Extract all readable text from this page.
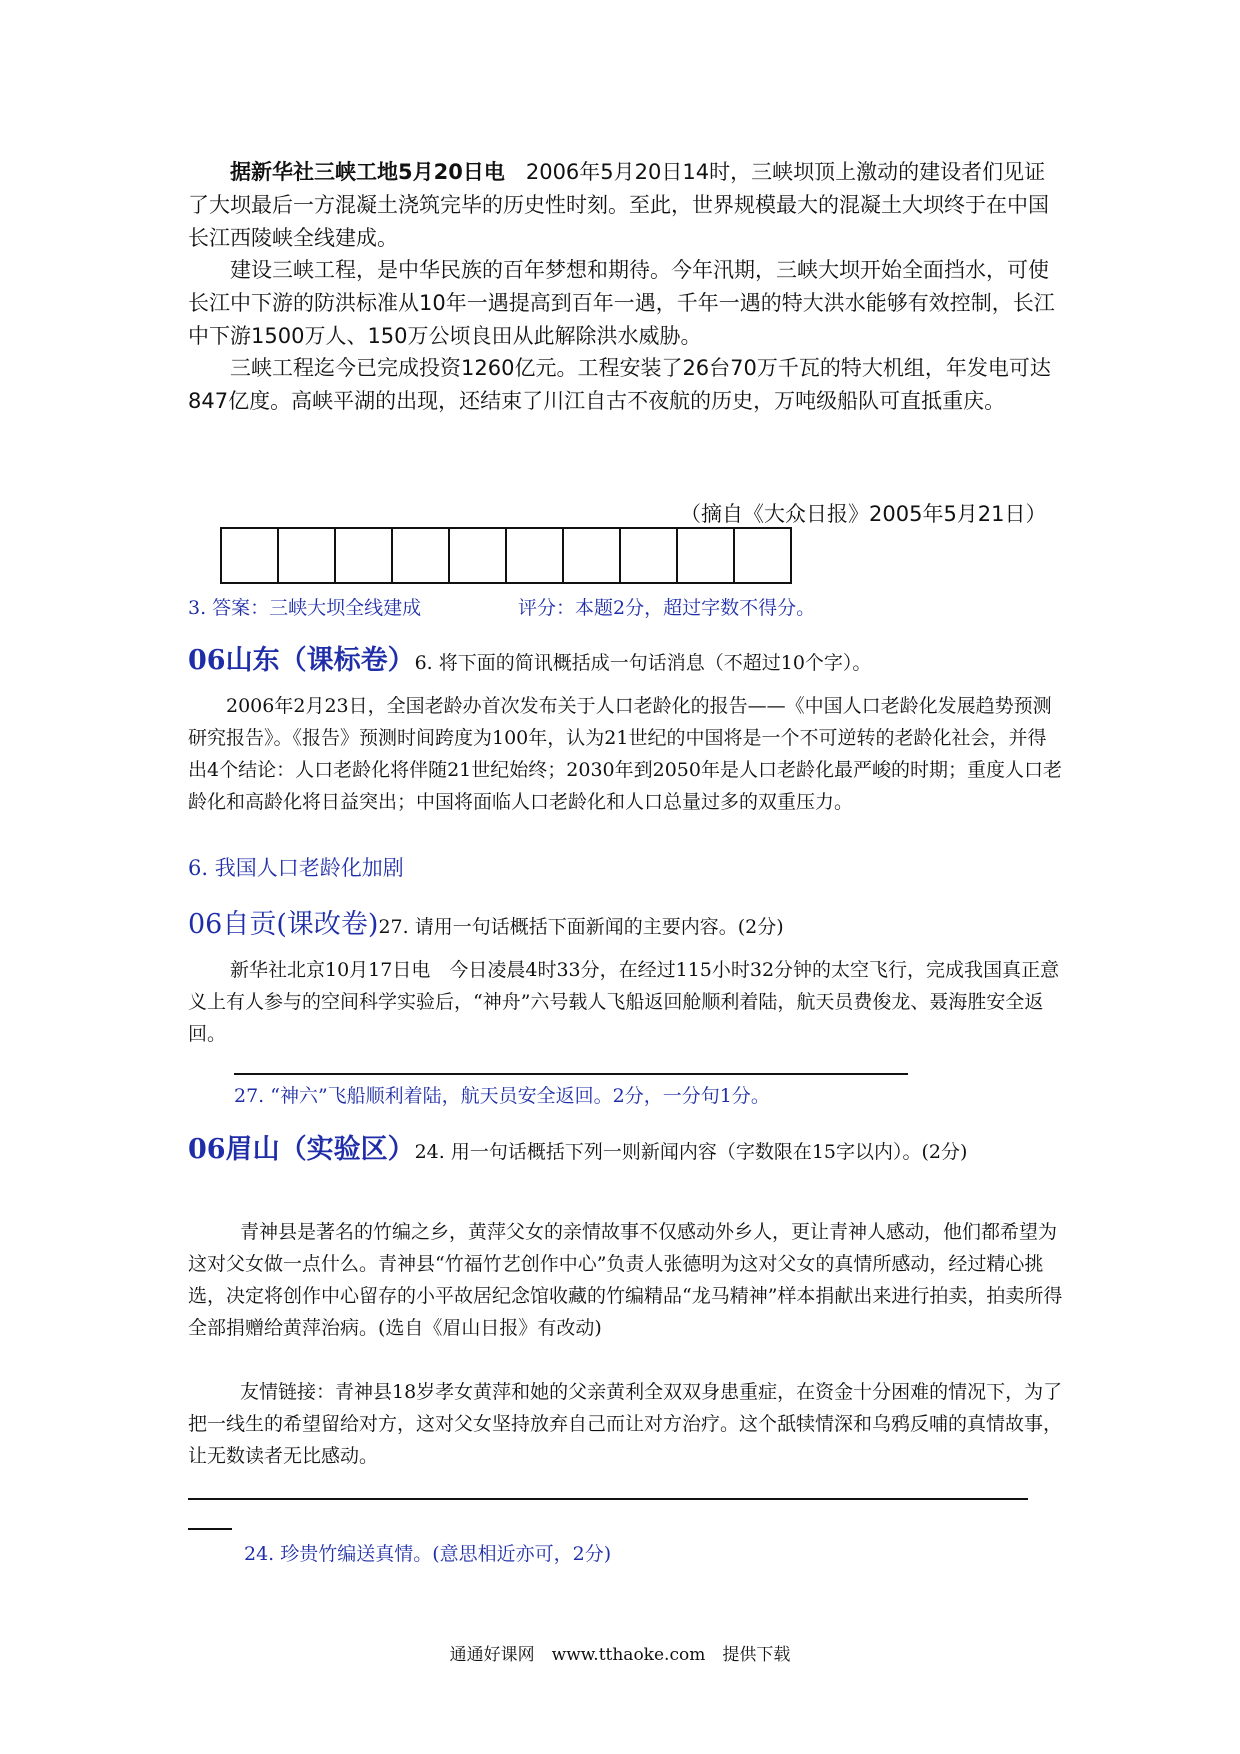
据新华社三峡工地5月20日电　2006年5月20日14时，三峡坝顶上激动的建设者们见证了大坝最后一方混凝土浇筑完毕的历史性时刻。至此，世界规模最大的混凝土大坝终于在中国长江西陵峡全线建成。

建设三峡工程，是中华民族的百年梦想和期待。今年汛期，三峡大坝开始全面挡水，可使长江中下游的防洪标准从10年一遇提高到百年一遇，千年一遇的特大洪水能够有效控制，长江中下游1500万人、150万公顷良田从此解除洪水威胁。

三峡工程迄今已完成投资1260亿元。工程安装了26台70万千瓦的特大机组，年发电可达847亿度。高峡平湖的出现，还结束了川江自古不夜航的历史，万吨级船队可直抵重庆。

（摘自《大众日报》2005年5月21日）
3. 答案：三峡大坝全线建成	评分：本题2分，超过字数不得分。
06山东（课标卷）6. 将下面的简讯概括成一句话消息（不超过10个字）。

2006年2月23日，全国老龄办首次发布关于人口老龄化的报告——《中国人口老龄化发展趋势预测研究报告》。《报告》预测时间跨度为100年，认为21世纪的中国将是一个不可逆转的老龄化社会，并得出4个结论：人口老龄化将伴随21世纪始终；2030年到2050年是人口老龄化最严峻的时期；重度人口老龄化和高龄化将日益突出；中国将面临人口老龄化和人口总量过多的双重压力。

6. 我国人口老龄化加剧
06自贡(课改卷)27. 请用一句话概括下面新闻的主要内容。(2分)

新华社北京10月17日电　今日凌晨4时33分，在经过115小时32分钟的太空飞行，完成我国真正意义上有人参与的空间科学实验后，“神舟”六号载人飞船返回舱顺利着陆，航天员费俊龙、聂海胜安全返回。

27. “神六”飞船顺利着陆，航天员安全返回。2分，一分句1分。

06眉山（实验区）24. 用一句话概括下列一则新闻内容（字数限在15字以内）。(2分)

青神县是著名的竹编之乡，黄萍父女的亲情故事不仅感动外乡人，更让青神人感动，他们都希望为这对父女做一点什么。青神县“竹福竹艺创作中心”负责人张德明为这对父女的真情所感动，经过精心挑选，决定将创作中心留存的小平故居纪念馆收藏的竹编精品“龙马精神”样本捐献出来进行拍卖，拍卖所得全部捐赠给黄萍治病。(选自《眉山日报》有改动)

友情链接：青神县18岁孝女黄萍和她的父亲黄利全双双身患重症，在资金十分困难的情况下，为了把一线生的希望留给对方，这对父女坚持放弃自己而让对方治疗。这个舐犊情深和乌鸦反哺的真情故事，让无数读者无比感动。

24. 珍贵竹编送真情。(意思相近亦可，2分)
通通好课网　www.tthaoke.com　提供下载
